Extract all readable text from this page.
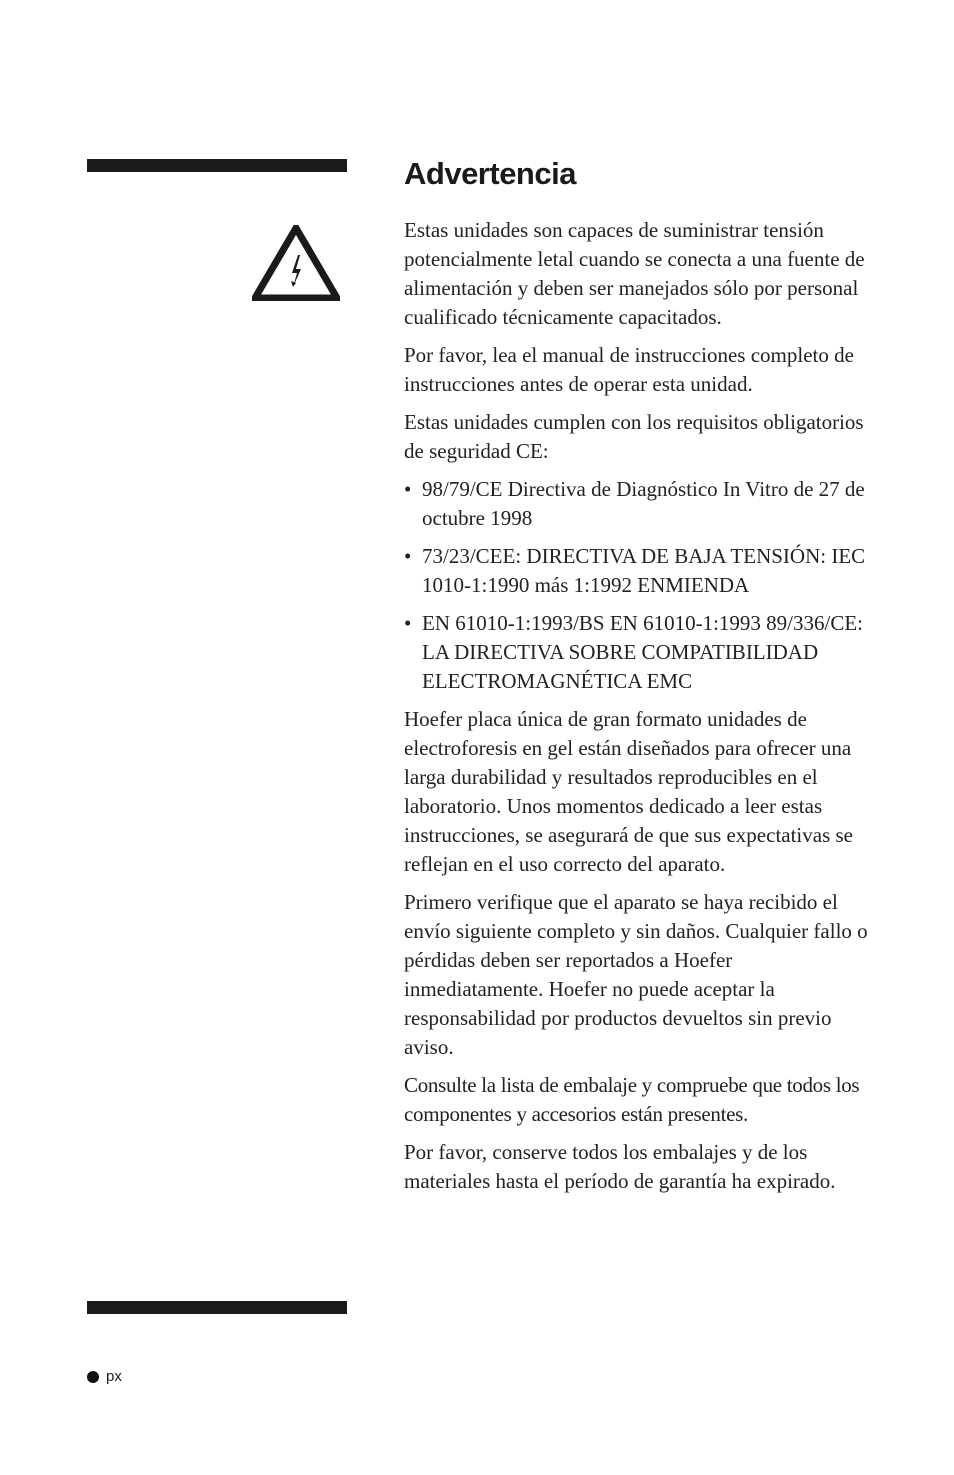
Advertencia

Estas unidades son capaces de suministrar tensión potencialmente letal cuando se conecta a una fuente de alimentación y deben ser manejados sólo por personal cualificado técnicamente capacitados.

Por favor, lea el manual de instrucciones completo de instrucciones antes de operar esta unidad.

Estas unidades cumplen con los requisitos obligatorios de seguridad CE:

• 98/79/CE Directiva de Diagnóstico In Vitro de 27 de octubre 1998
• 73/23/CEE: DIRECTIVA DE BAJA TENSIÓN: IEC 1010-1:1990 más 1:1992 ENMIENDA
• EN 61010-1:1993/BS EN 61010-1:1993 89/336/CE: LA DIRECTIVA SOBRE COMPATIBILIDAD ELECTROMAGNÉTICA EMC

Hoefer placa única de gran formato unidades de electroforesis en gel están diseñados para ofrecer una larga durabilidad y resultados reproducibles en el laboratorio. Unos momentos dedicado a leer estas instrucciones, se asegurará de que sus expectativas se reflejan en el uso correcto del aparato.

Primero verifique que el aparato se haya recibido el envío siguiente completo y sin daños. Cualquier fallo o pérdidas deben ser reportados a Hoefer inmediatamente. Hoefer no puede aceptar la responsabilidad por productos devueltos sin previo aviso.

Consulte la lista de embalaje y compruebe que todos los componentes y accesorios están presentes.

Por favor, conserve todos los embalajes y de los materiales hasta el período de garantía ha expirado.

px
